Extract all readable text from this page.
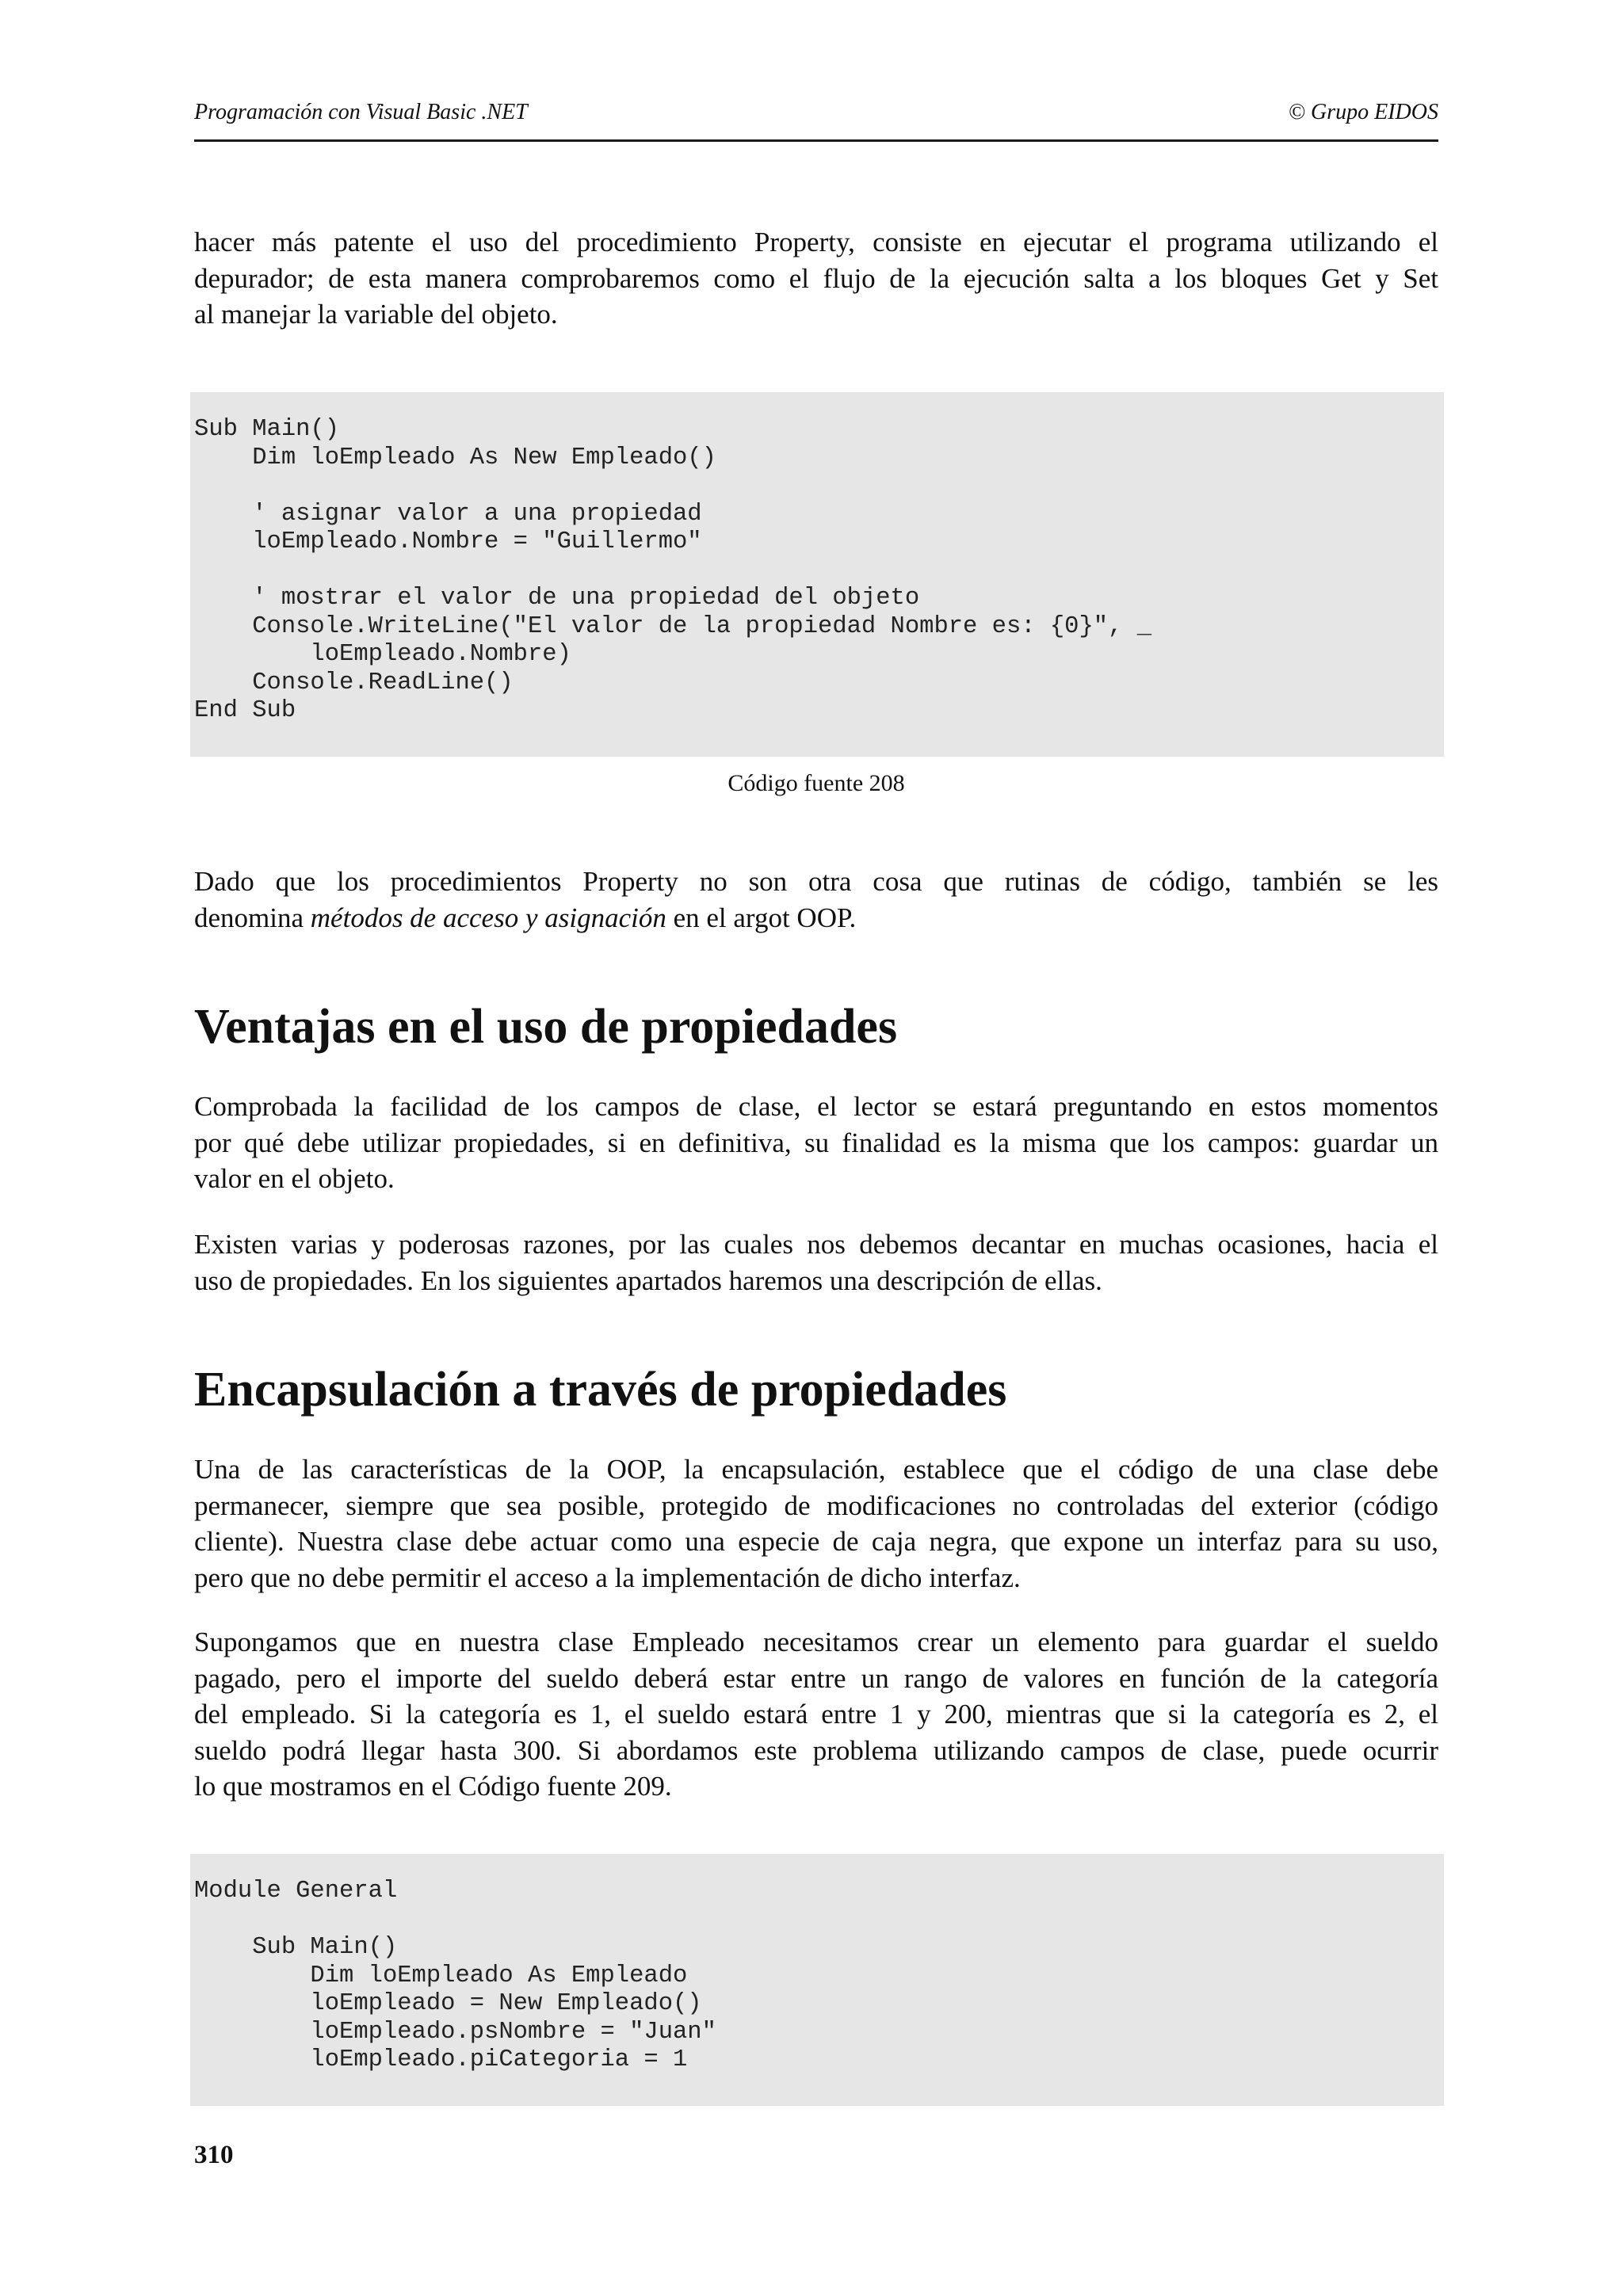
Programación con Visual Basic .NET	© Grupo EIDOS

hacer más patente el uso del procedimiento Property, consiste en ejecutar el programa utilizando el
depurador; de esta manera comprobaremos como el flujo de la ejecución salta a los bloques Get y Set
al manejar la variable del objeto.

Sub Main()
Dim loEmpleado As New Empleado()

' asignar valor a una propiedad
loEmpleado.Nombre = "Guillermo"

' mostrar el valor de una propiedad del objeto
Console.WriteLine("El valor de la propiedad Nombre es: {0}", _
loEmpleado.Nombre)
Console.ReadLine()
End Sub
Código fuente 208

Dado que los procedimientos Property no son otra cosa que rutinas de código, también se les
denomina métodos de acceso y asignación en el argot OOP.

Ventajas en el uso de propiedades

Comprobada la facilidad de los campos de clase, el lector se estará preguntando en estos momentos
por qué debe utilizar propiedades, si en definitiva, su finalidad es la misma que los campos: guardar un
valor en el objeto.

Existen varias y poderosas razones, por las cuales nos debemos decantar en muchas ocasiones, hacia el
uso de propiedades. En los siguientes apartados haremos una descripción de ellas.

Encapsulación a través de propiedades

Una de las características de la OOP, la encapsulación, establece que el código de una clase debe
permanecer, siempre que sea posible, protegido de modificaciones no controladas del exterior (código
cliente). Nuestra clase debe actuar como una especie de caja negra, que expone un interfaz para su uso,
pero que no debe permitir el acceso a la implementación de dicho interfaz.

Supongamos que en nuestra clase Empleado necesitamos crear un elemento para guardar el sueldo
pagado, pero el importe del sueldo deberá estar entre un rango de valores en función de la categoría
del empleado. Si la categoría es 1, el sueldo estará entre 1 y 200, mientras que si la categoría es 2, el
sueldo podrá llegar hasta 300. Si abordamos este problema utilizando campos de clase, puede ocurrir
lo que mostramos en el Código fuente 209.

Module General

Sub Main()
Dim loEmpleado As Empleado
loEmpleado = New Empleado()
loEmpleado.psNombre = "Juan"
loEmpleado.piCategoria = 1
310
